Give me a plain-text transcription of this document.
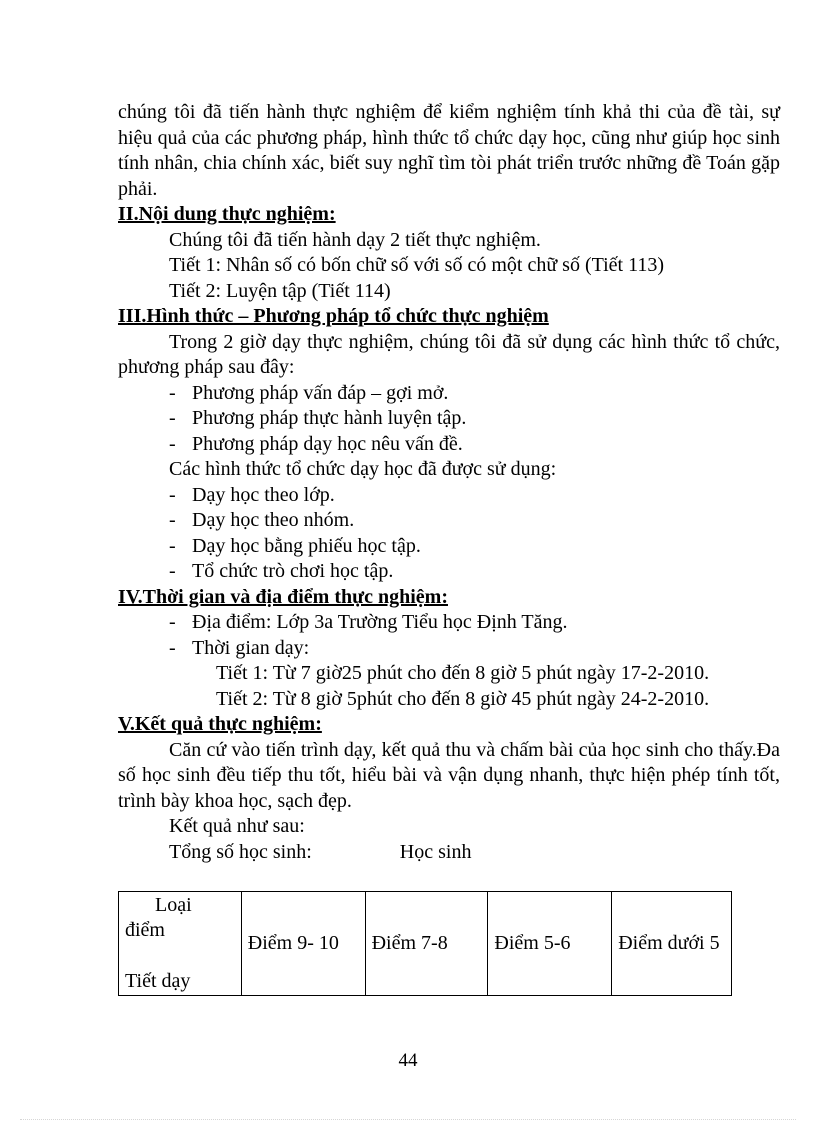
chúng tôi đã tiến hành thực nghiệm để kiểm nghiệm tính khả thi của đề tài, sự hiệu quả của các phương pháp, hình thức tổ chức dạy học, cũng như giúp học sinh tính nhân, chia chính xác, biết suy nghĩ tìm tòi phát triển trước những đề Toán gặp phải.

II.Nội dung thực nghiệm:

Chúng tôi đã tiến hành dạy 2 tiết thực nghiệm.

Tiết 1: Nhân số có bốn chữ số với số có một chữ số (Tiết 113)

Tiết 2: Luyện tập (Tiết 114)

III.Hình thức – Phương pháp tổ chức thực nghiệm

Trong 2 giờ dạy thực nghiệm, chúng tôi đã sử dụng các hình thức tổ chức, phương pháp sau đây:

- Phương pháp vấn đáp – gợi mở.
- Phương pháp thực hành luyện tập.
- Phương pháp dạy học nêu vấn đề.

Các hình thức tổ chức dạy học đã được sử dụng:

- Dạy học theo lớp.
- Dạy học theo nhóm.
- Dạy học bằng phiếu học tập.
- Tổ chức trò chơi học tập.

IV.Thời gian và địa điểm thực nghiệm:

- Địa điểm: Lớp 3a Trường Tiểu học Định Tăng.
- Thời gian dạy:

Tiết 1: Từ 7 giờ25 phút cho đến 8 giờ 5 phút ngày 17-2-2010.

Tiết 2: Từ 8 giờ 5phút cho đến 8 giờ 45 phút ngày 24-2-2010.

V.Kết quả thực nghiệm:

Căn cứ vào tiến trình dạy, kết quả thu và chấm bài của học sinh cho thấy.Đa số học sinh đều tiếp thu tốt, hiểu bài và vận dụng nhanh, thực hiện phép tính tốt, trình bày khoa học, sạch đẹp.

Kết quả như sau:

Tổng số học sinh:	Học sinh

Loại
điểm
Tiết dạy
	Điểm 9- 10	Điểm 7-8	Điểm 5-6	Điểm dưới 5
44
